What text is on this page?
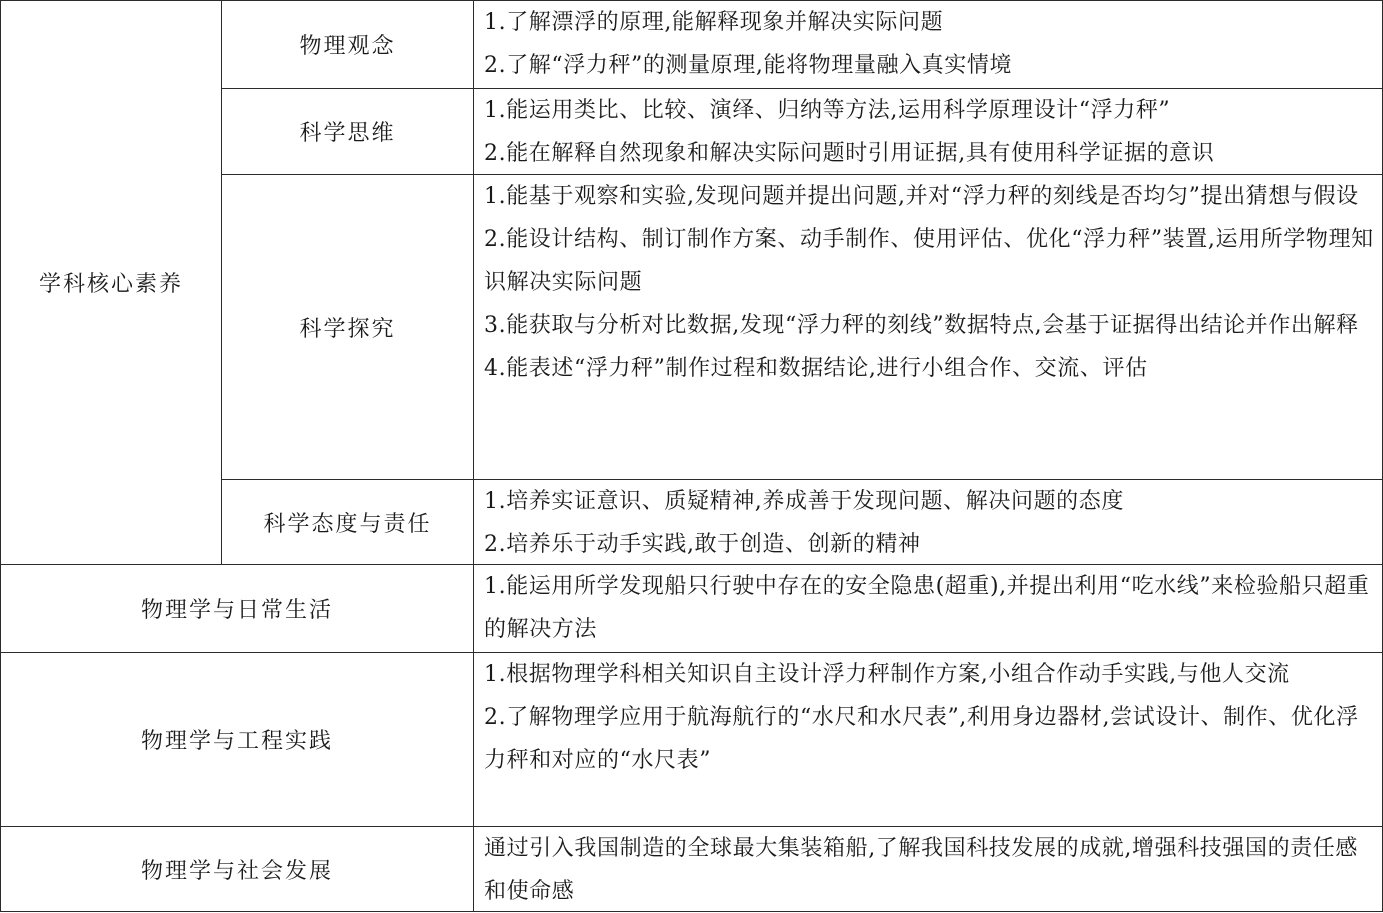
学科核心素养
物理观念
1.了解漂浮的原理,能解释现象并解决实际问题
2.了解“浮力秤”的测量原理,能将物理量融入真实情境
科学思维
1.能运用类比、比较、演绎、归纳等方法,运用科学原理设计“浮力秤”
2.能在解释自然现象和解决实际问题时引用证据,具有使用科学证据的意识
科学探究
1.能基于观察和实验,发现问题并提出问题,并对“浮力秤的刻线是否均匀”提出猜想与假设
2.能设计结构、制订制作方案、动手制作、使用评估、优化“浮力秤”装置,运用所学物理知识解决实际问题
3.能获取与分析对比数据,发现“浮力秤的刻线”数据特点,会基于证据得出结论并作出解释
4.能表述“浮力秤”制作过程和数据结论,进行小组合作、交流、评估
科学态度与责任
1.培养实证意识、质疑精神,养成善于发现问题、解决问题的态度
2.培养乐于动手实践,敢于创造、创新的精神
物理学与日常生活
1.能运用所学发现船只行驶中存在的安全隐患(超重),并提出利用“吃水线”来检验船只超重的解决方法
物理学与工程实践
1.根据物理学科相关知识自主设计浮力秤制作方案,小组合作动手实践,与他人交流
2.了解物理学应用于航海航行的“水尺和水尺表”,利用身边器材,尝试设计、制作、优化浮力秤和对应的“水尺表”
物理学与社会发展
通过引入我国制造的全球最大集装箱船,了解我国科技发展的成就,增强科技强国的责任感和使命感
